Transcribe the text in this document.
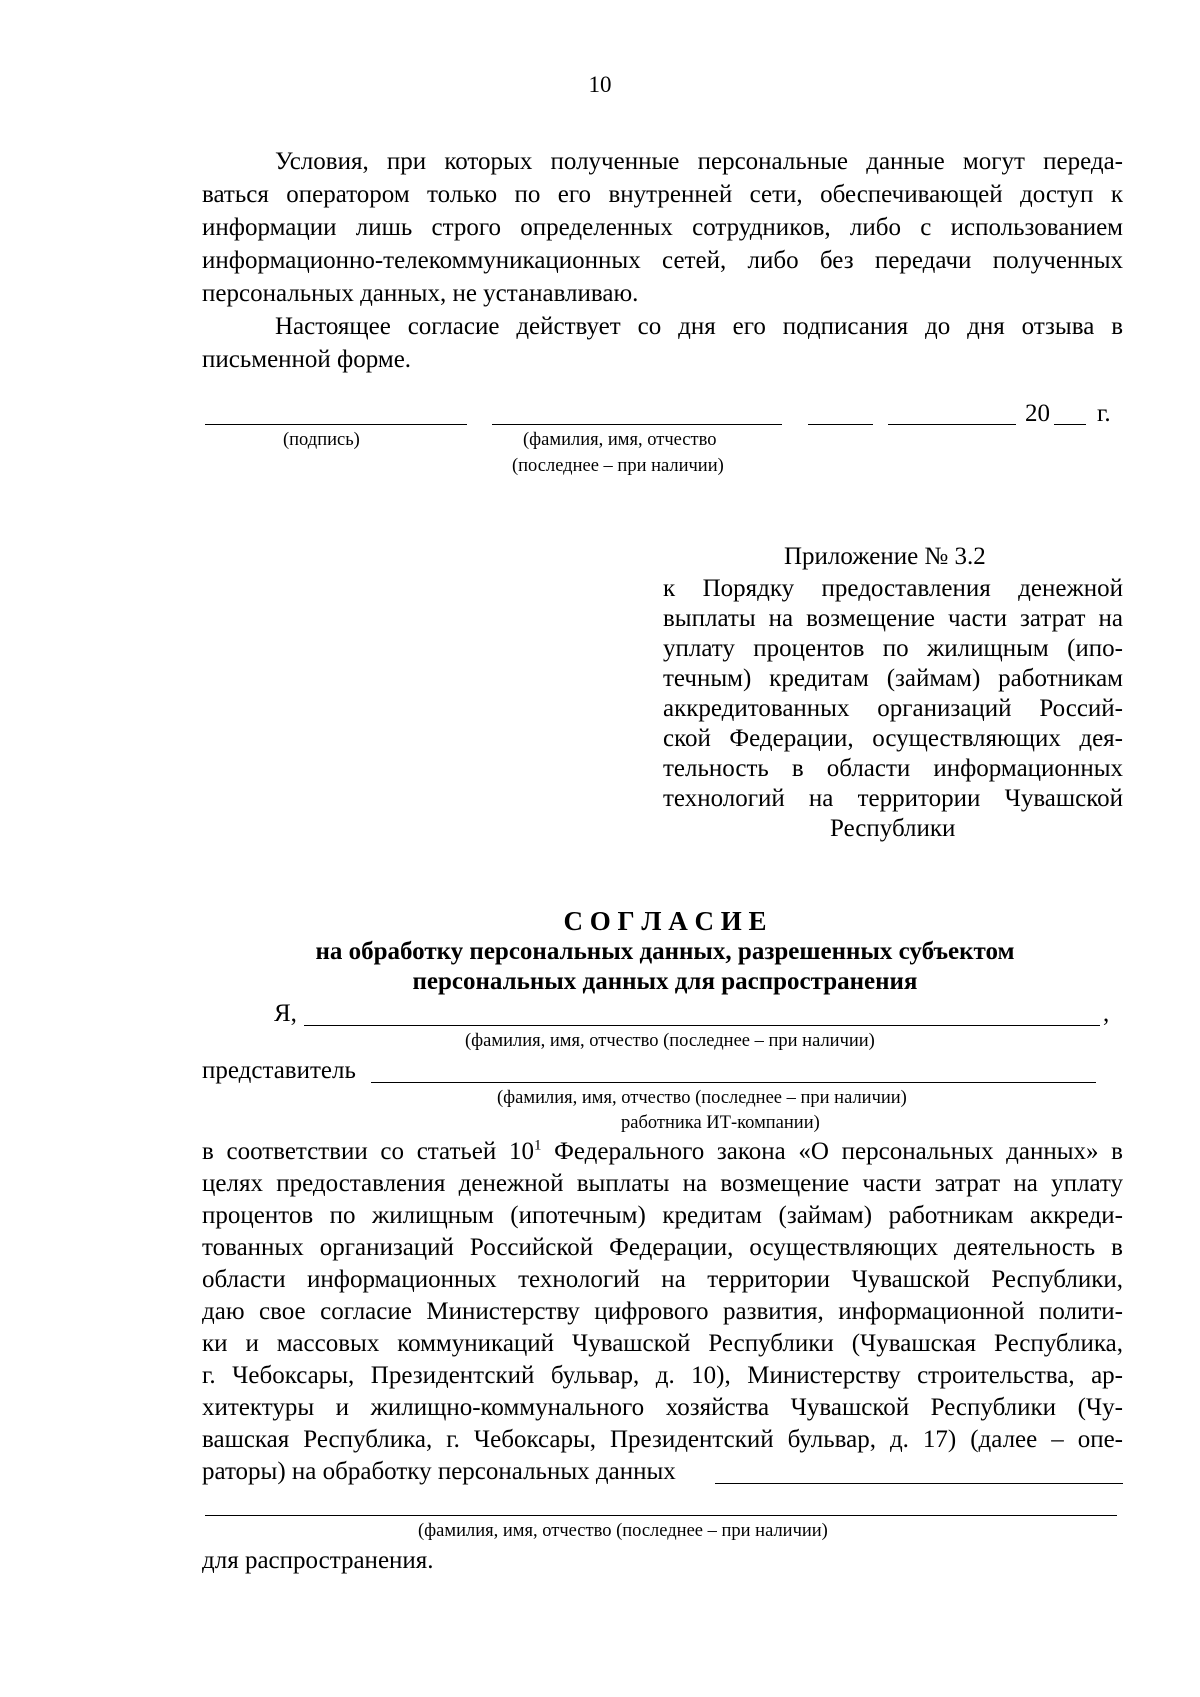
10
Условия, при которых полученные персональные данные могут переда-
ваться оператором только по его внутренней сети, обеспечивающей доступ к
информации лишь строго определенных сотрудников, либо с использованием
информационно-телекоммуникационных сетей, либо без передачи полученных
персональных данных, не устанавливаю.
Настоящее согласие действует со дня его подписания до дня отзыва в
письменной форме.
20 г.
(подпись)	(фамилия, имя, отчество
(последнее – при наличии)
Приложение № 3.2
к Порядку предоставления денежной
выплаты на возмещение части затрат на
уплату процентов по жилищным (ипо-
течным) кредитам (займам) работникам
аккредитованных организаций Россий-
ской Федерации, осуществляющих дея-
тельность в области информационных
технологий на территории Чувашской
Республики
С О Г Л А С И Е
на обработку персональных данных, разрешенных субъектом
персональных данных для распространения
Я,	,
(фамилия, имя, отчество (последнее – при наличии)
представитель
(фамилия, имя, отчество (последнее – при наличии)
работника ИТ-компании)
в соответствии со статьей $10^1$ Федерального закона «О персональных данных» в
целях предоставления денежной выплаты на возмещение части затрат на уплату
процентов по жилищным (ипотечным) кредитам (займам) работникам аккреди-
тованных организаций Российской Федерации, осуществляющих деятельность в
области информационных технологий на территории Чувашской Республики,
даю свое согласие Министерству цифрового развития, информационной полити-
ки и массовых коммуникаций Чувашской Республики (Чувашская Республика,
г. Чебоксары, Президентский бульвар, д. 10), Министерству строительства, ар-
хитектуры и жилищно-коммунального хозяйства Чувашской Республики (Чу-
вашская Республика, г. Чебоксары, Президентский бульвар, д. 17) (далее – опе-
раторы) на обработку персональных данных
(фамилия, имя, отчество (последнее – при наличии)
для распространения.
